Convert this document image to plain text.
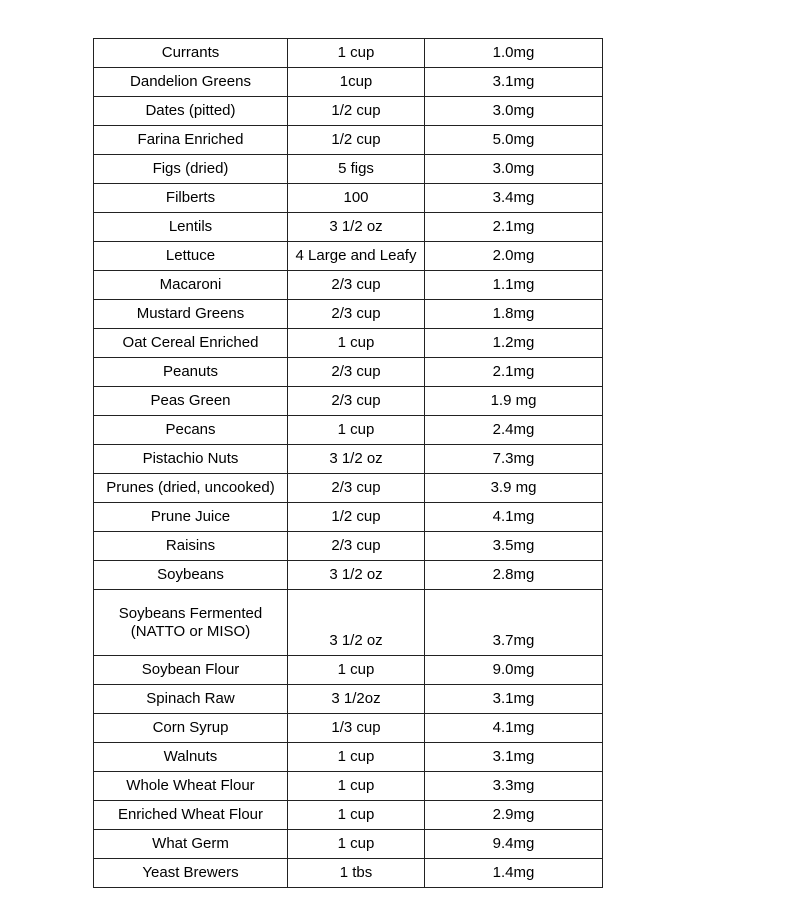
Currants	1 cup	1.0mg
Dandelion Greens	1cup	3.1mg
Dates (pitted)	1/2 cup	3.0mg
Farina Enriched	1/2 cup	5.0mg
Figs (dried)	5 figs	3.0mg
Filberts	100	3.4mg
Lentils	3 1/2 oz	2.1mg
Lettuce	4 Large and Leafy	2.0mg
Macaroni	2/3 cup	1.1mg
Mustard Greens	2/3 cup	1.8mg
Oat Cereal Enriched	1 cup	1.2mg
Peanuts	2/3 cup	2.1mg
Peas Green	2/3 cup	1.9 mg
Pecans	1 cup	2.4mg
Pistachio Nuts	3 1/2 oz	7.3mg
Prunes (dried, uncooked)	2/3 cup	3.9 mg
Prune Juice	1/2 cup	4.1mg
Raisins	2/3 cup	3.5mg
Soybeans	3 1/2 oz	2.8mg

Soybeans Fermented
(NATTO or MISO)	3 1/2 oz	3.7mg
Soybean Flour	1 cup	9.0mg
Spinach Raw	3 1/2oz	3.1mg
Corn Syrup	1/3 cup	4.1mg
Walnuts	1 cup	3.1mg
Whole Wheat Flour	1 cup	3.3mg
Enriched Wheat Flour	1 cup	2.9mg
What Germ	1 cup	9.4mg
Yeast Brewers	1 tbs	1.4mg
